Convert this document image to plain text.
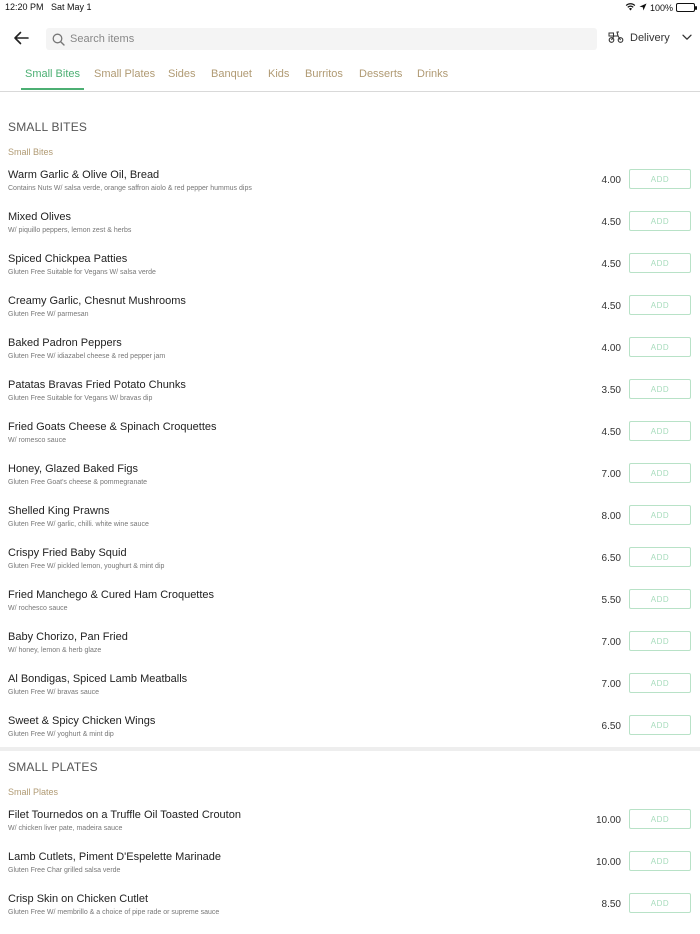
12:20 PM Sat May 1	100%
Search items
Delivery
Small Bites	Small Plates Sides Banquet Kids Burritos Desserts Drinks
SMALL BITES
Small Bites
Warm Garlic & Olive Oil, Bread
Contains Nuts W/ salsa verde, orange saffron aiolo & red pepper hummus dips
4.00	ADD
Mixed Olives
W/ piquillo peppers, lemon zest & herbs
4.50	ADD
Spiced Chickpea Patties
Gluten Free Suitable for Vegans W/ salsa verde
4.50	ADD
Creamy Garlic, Chesnut Mushrooms
Gluten Free W/ parmesan
4.50	ADD
Baked Padron Peppers
Gluten Free W/ idiazabel cheese & red pepper jam
4.00	ADD
Patatas Bravas Fried Potato Chunks
Gluten Free Suitable for Vegans W/ bravas dip
3.50	ADD
Fried Goats Cheese & Spinach Croquettes
W/ romesco sauce
4.50	ADD
Honey, Glazed Baked Figs
Gluten Free Goat's cheese & pommegranate
7.00	ADD
Shelled King Prawns
Gluten Free W/ garlic, chilli. white wine sauce
8.00	ADD
Crispy Fried Baby Squid
Gluten Free W/ pickled lemon, youghurt & mint dip
6.50	ADD
Fried Manchego & Cured Ham Croquettes
W/ rochesco sauce
5.50	ADD
Baby Chorizo, Pan Fried
W/ honey, lemon & herb glaze
7.00	ADD
Al Bondigas, Spiced Lamb Meatballs
Gluten Free W/ bravas sauce
7.00	ADD
Sweet & Spicy Chicken Wings
Gluten Free W/ yoghurt & mint dip
6.50	ADD
SMALL PLATES
Small Plates
Filet Tournedos on a Truffle Oil Toasted Crouton
W/ chicken liver pate, madeira sauce
10.00	ADD
Lamb Cutlets, Piment D'Espelette Marinade
Gluten Free Char grilled salsa verde
10.00	ADD
Crisp Skin on Chicken Cutlet
Gluten Free W/ membrillo & a choice of pipe rade or supreme sauce
8.50	ADD
